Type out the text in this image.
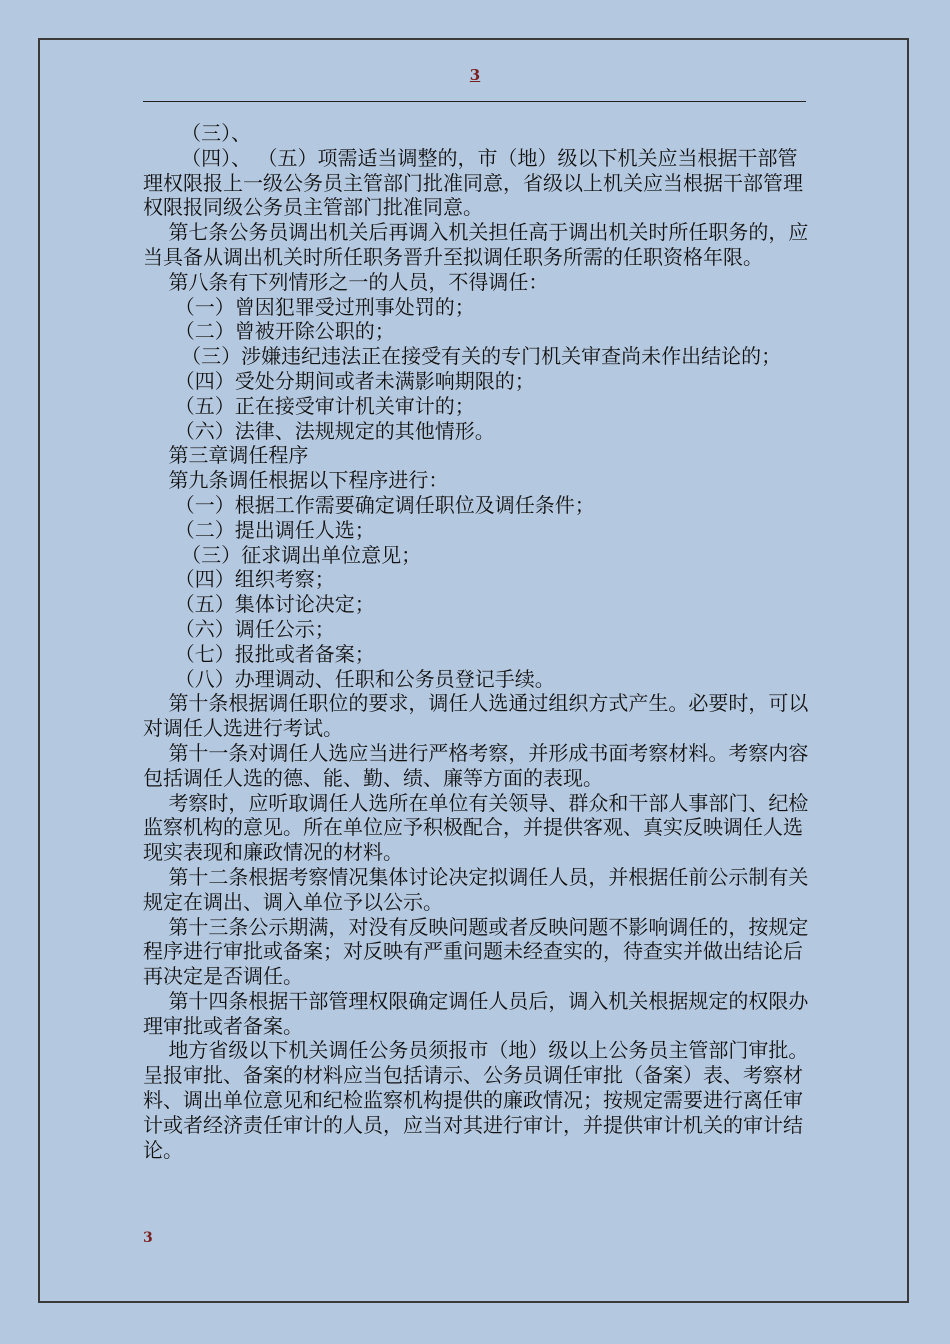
3

（三）、

（四）、 （五）项需适当调整的，市（地）级以下机关应当根据干部管理权限报上一级公务员主管部门批准同意，省级以上机关应当根据干部管理权限报同级公务员主管部门批准同意。

第七条公务员调出机关后再调入机关担任高于调出机关时所任职务的，应当具备从调出机关时所任职务晋升至拟调任职务所需的任职资格年限。

第八条有下列情形之一的人员，不得调任：

（一）曾因犯罪受过刑事处罚的；

（二）曾被开除公职的；

（三）涉嫌违纪违法正在接受有关的专门机关审查尚未作出结论的；

（四）受处分期间或者未满影响期限的；

（五）正在接受审计机关审计的；

（六）法律、法规规定的其他情形。

第三章调任程序

第九条调任根据以下程序进行：

（一）根据工作需要确定调任职位及调任条件；

（二）提出调任人选；

（三）征求调出单位意见；

（四）组织考察；

（五）集体讨论决定；

（六）调任公示；

（七）报批或者备案；

（八）办理调动、任职和公务员登记手续。

第十条根据调任职位的要求，调任人选通过组织方式产生。必要时，可以对调任人选进行考试。

第十一条对调任人选应当进行严格考察，并形成书面考察材料。考察内容包括调任人选的德、能、勤、绩、廉等方面的表现。

考察时，应听取调任人选所在单位有关领导、群众和干部人事部门、纪检监察机构的意见。所在单位应予积极配合，并提供客观、真实反映调任人选现实表现和廉政情况的材料。

第十二条根据考察情况集体讨论决定拟调任人员，并根据任前公示制有关规定在调出、调入单位予以公示。

第十三条公示期满，对没有反映问题或者反映问题不影响调任的，按规定程序进行审批或备案；对反映有严重问题未经查实的，待查实并做出结论后再决定是否调任。

第十四条根据干部管理权限确定调任人员后，调入机关根据规定的权限办理审批或者备案。

地方省级以下机关调任公务员须报市（地）级以上公务员主管部门审批。呈报审批、备案的材料应当包括请示、公务员调任审批（备案）表、考察材料、调出单位意见和纪检监察机构提供的廉政情况；按规定需要进行离任审计或者经济责任审计的人员，应当对其进行审计，并提供审计机关的审计结论。

3
